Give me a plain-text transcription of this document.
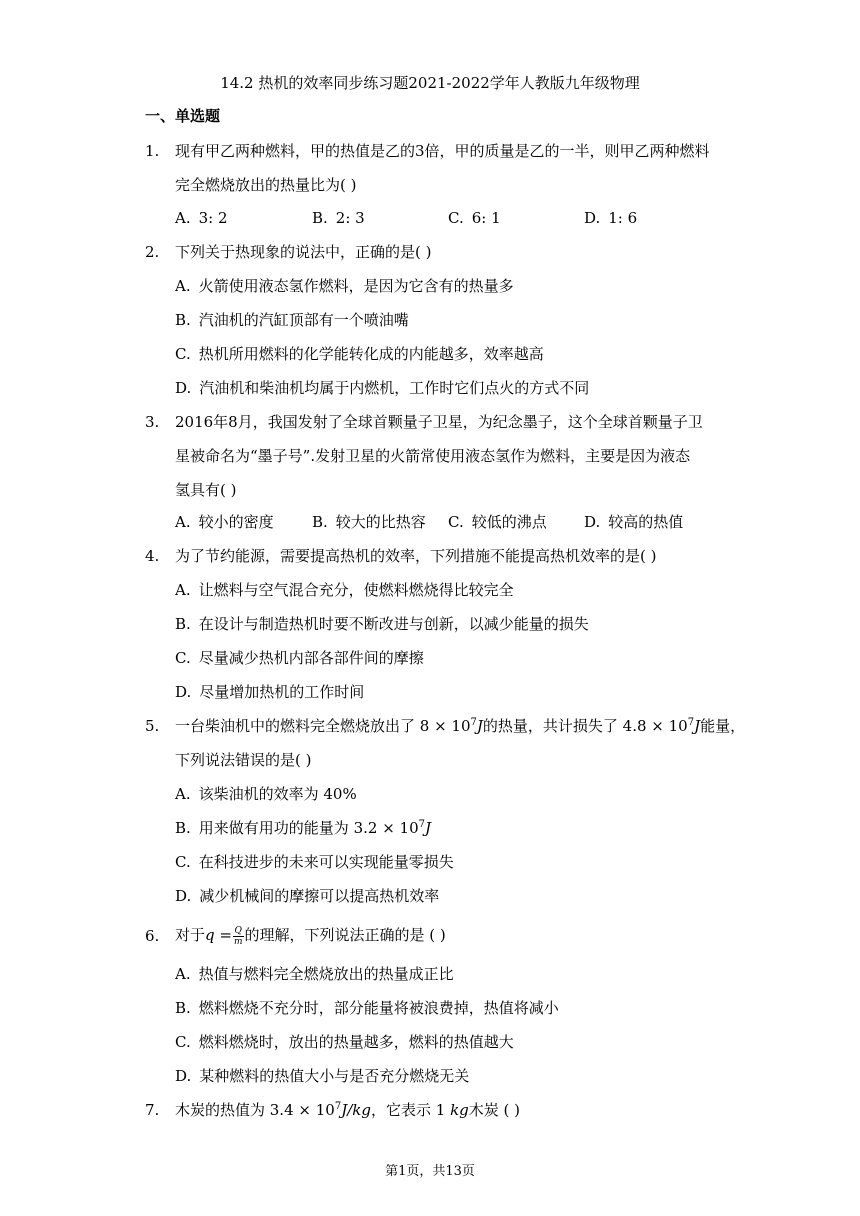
14.2 热机的效率同步练习题2021-2022学年人教版九年级物理
一、单选题
1. 现有甲乙两种燃料，甲的热值是乙的3倍，甲的质量是乙的一半，则甲乙两种燃料
完全燃烧放出的热量比为( )
A. 3: 2	B. 2: 3	C. 6: 1	D. 1: 6
2. 下列关于热现象的说法中，正确的是( )
A. 火箭使用液态氢作燃料，是因为它含有的热量多
B. 汽油机的汽缸顶部有一个喷油嘴
C. 热机所用燃料的化学能转化成的内能越多，效率越高
D. 汽油机和柴油机均属于内燃机，工作时它们点火的方式不同
3. 2016年8月，我国发射了全球首颗量子卫星，为纪念墨子，这个全球首颗量子卫
星被命名为“墨子号”.发射卫星的火箭常使用液态氢作为燃料，主要是因为液态
氢具有( )
A. 较小的密度	B. 较大的比热容 C. 较低的沸点 D. 较高的热值
4. 为了节约能源，需要提高热机的效率，下列措施不能提高热机效率的是( )
A. 让燃料与空气混合充分，使燃料燃烧得比较完全
B. 在设计与制造热机时要不断改进与创新，以减少能量的损失
C. 尽量减少热机内部各部件间的摩擦
D. 尽量增加热机的工作时间
5. 一台柴油机中的燃料完全燃烧放出了 $8 \times 10^7J$的热量，共计损失了 $4.8 \times 10^7J$能量，
下列说法错误的是( )
A. 该柴油机的效率为 40%
B. 用来做有用功的能量为 $3.2 \times 10^7J$
C. 在科技进步的未来可以实现能量零损失
D. 减少机械间的摩擦可以提高热机效率
6. 对于$q = \frac{Q}{m}$ 的理解，下列说法正确的是 ( )
A. 热值与燃料完全燃烧放出的热量成正比
B. 燃料燃烧不充分时，部分能量将被浪费掉，热值将减小
C. 燃料燃烧时，放出的热量越多，燃料的热值越大
D. 某种燃料的热值大小与是否充分燃烧无关
7. 木炭的热值为 $3.4 \times 10^7J/kg$，它表示 1 kg木炭 ( )
第1页，共13页
